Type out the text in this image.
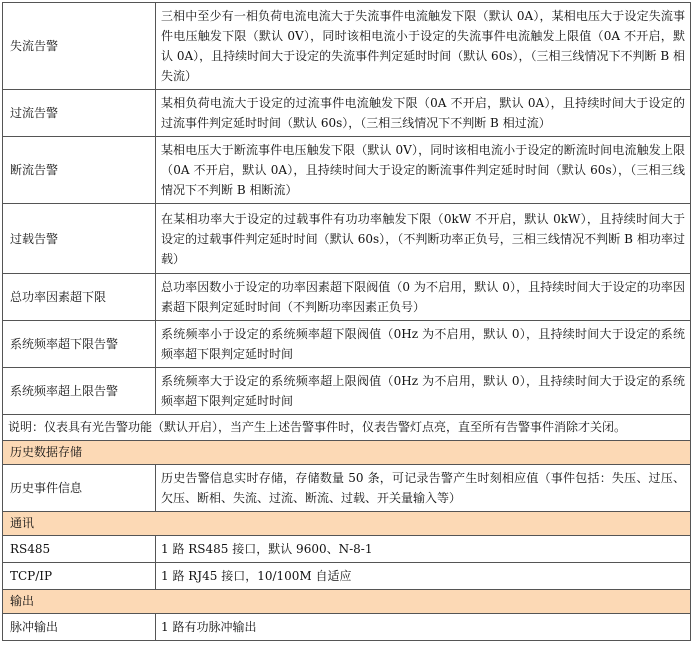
失流告警	三相中至少有一相负荷电流电流大于失流事件电流触发下限（默认 0A），某相电压大于设定失流事件电压触发下限（默认 0V），同时该相电流小于设定的失流事件电流触发上限值（0A 不开启，默认 0A），且持续时间大于设定的失流事件判定延时时间（默认 60s），（三相三线情况下不判断 B 相失流）
过流告警	某相负荷电流大于设定的过流事件电流触发下限（0A 不开启，默认 0A），且持续时间大于设定的过流事件判定延时时间（默认 60s），（三相三线情况下不判断 B 相过流）
断流告警	某相电压大于断流事件电压触发下限（默认 0V），同时该相电流小于设定的断流时间电流触发上限（0A 不开启，默认 0A），且持续时间大于设定的断流事件判定延时时间（默认 60s），（三相三线情况下不判断 B 相断流）
过载告警	在某相功率大于设定的过载事件有功功率触发下限（0kW 不开启，默认 0kW），且持续时间大于设定的过载事件判定延时时间（默认 60s），（不判断功率正负号，三相三线情况不判断 B 相功率过载）
总功率因素超下限	总功率因数小于设定的功率因素超下限阀值（0 为不启用，默认 0），且持续时间大于设定的功率因素超下限判定延时时间（不判断功率因素正负号）
系统频率超下限告警	系统频率小于设定的系统频率超下限阀值（0Hz 为不启用，默认 0），且持续时间大于设定的系统频率超下限判定延时时间
系统频率超上限告警	系统频率大于设定的系统频率超上限阀值（0Hz 为不启用，默认 0），且持续时间大于设定的系统频率超下限判定延时时间
说明：仪表具有光告警功能（默认开启），当产生上述告警事件时，仪表告警灯点亮，直至所有告警事件消除才关闭。	
历史数据存储	
历史事件信息	历史告警信息实时存储，存储数量 50 条，可记录告警产生时刻相应值（事件包括：失压、过压、欠压、断相、失流、过流、断流、过载、开关量输入等）
通讯	
RS485	1 路 RS485 接口，默认 9600、N-8-1
TCP/IP	1 路 RJ45 接口，10/100M 自适应
输出	
脉冲输出	1 路有功脉冲输出
